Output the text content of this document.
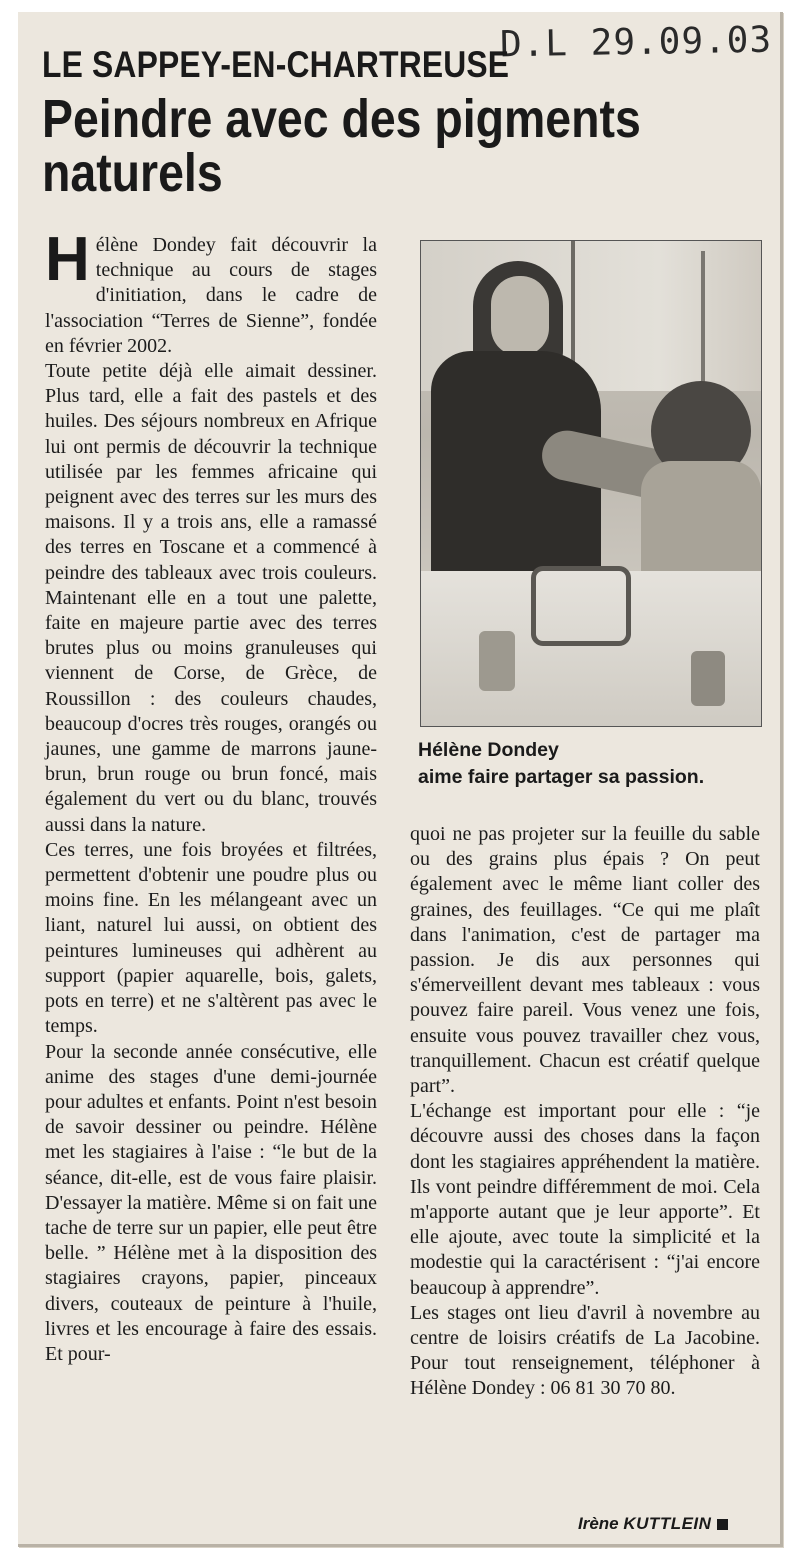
D.L 29.09.03
LE SAPPEY-EN-CHARTREUSE
Peindre avec des pigments naturels

Hélène Dondey fait découvrir la technique au cours de stages d'initiation, dans le cadre de l'association “Terres de Sienne”, fondée en février 2002.

Toute petite déjà elle aimait dessiner. Plus tard, elle a fait des pastels et des huiles. Des séjours nombreux en Afrique lui ont permis de découvrir la technique utilisée par les femmes africaine qui peignent avec des terres sur les murs des maisons. Il y a trois ans, elle a ramassé des terres en Toscane et a commencé à peindre des tableaux avec trois couleurs. Maintenant elle en a tout une palette, faite en majeure partie avec des terres brutes plus ou moins granuleuses qui viennent de Corse, de Grèce, de Roussillon : des couleurs chaudes, beaucoup d'ocres très rouges, orangés ou jaunes, une gamme de marrons jaune-brun, brun rouge ou brun foncé, mais également du vert ou du blanc, trouvés aussi dans la nature.

Ces terres, une fois broyées et filtrées, permettent d'obtenir une poudre plus ou moins fine. En les mélangeant avec un liant, naturel lui aussi, on obtient des peintures lumineuses qui adhèrent au support (papier aquarelle, bois, galets, pots en terre) et ne s'altèrent pas avec le temps.

Pour la seconde année consécutive, elle anime des stages d'une demi-journée pour adultes et enfants. Point n'est besoin de savoir dessiner ou peindre. Hélène met les stagiaires à l'aise : “le but de la séance, dit-elle, est de vous faire plaisir. D'essayer la matière. Même si on fait une tache de terre sur un papier, elle peut être belle. ” Hélène met à la disposition des stagiaires crayons, papier, pinceaux divers, couteaux de peinture à l'huile, livres et les encourage à faire des essais. Et pour-

Hélène Dondey
aime faire partager sa passion.

quoi ne pas projeter sur la feuille du sable ou des grains plus épais ? On peut également avec le même liant coller des graines, des feuillages. “Ce qui me plaît dans l'animation, c'est de partager ma passion. Je dis aux personnes qui s'émerveillent devant mes tableaux : vous pouvez faire pareil. Vous venez une fois, ensuite vous pouvez travailler chez vous, tranquillement. Chacun est créatif quelque part”.

L'échange est important pour elle : “je découvre aussi des choses dans la façon dont les stagiaires appréhendent la matière. Ils vont peindre différemment de moi. Cela m'apporte autant que je leur apporte”. Et elle ajoute, avec toute la simplicité et la modestie qui la caractérisent : “j'ai encore beaucoup à apprendre”.

Les stages ont lieu d'avril à novembre au centre de loisirs créatifs de La Jacobine. Pour tout renseignement, téléphoner à Hélène Dondey : 06 81 30 70 80.

Irène KUTTLEIN
